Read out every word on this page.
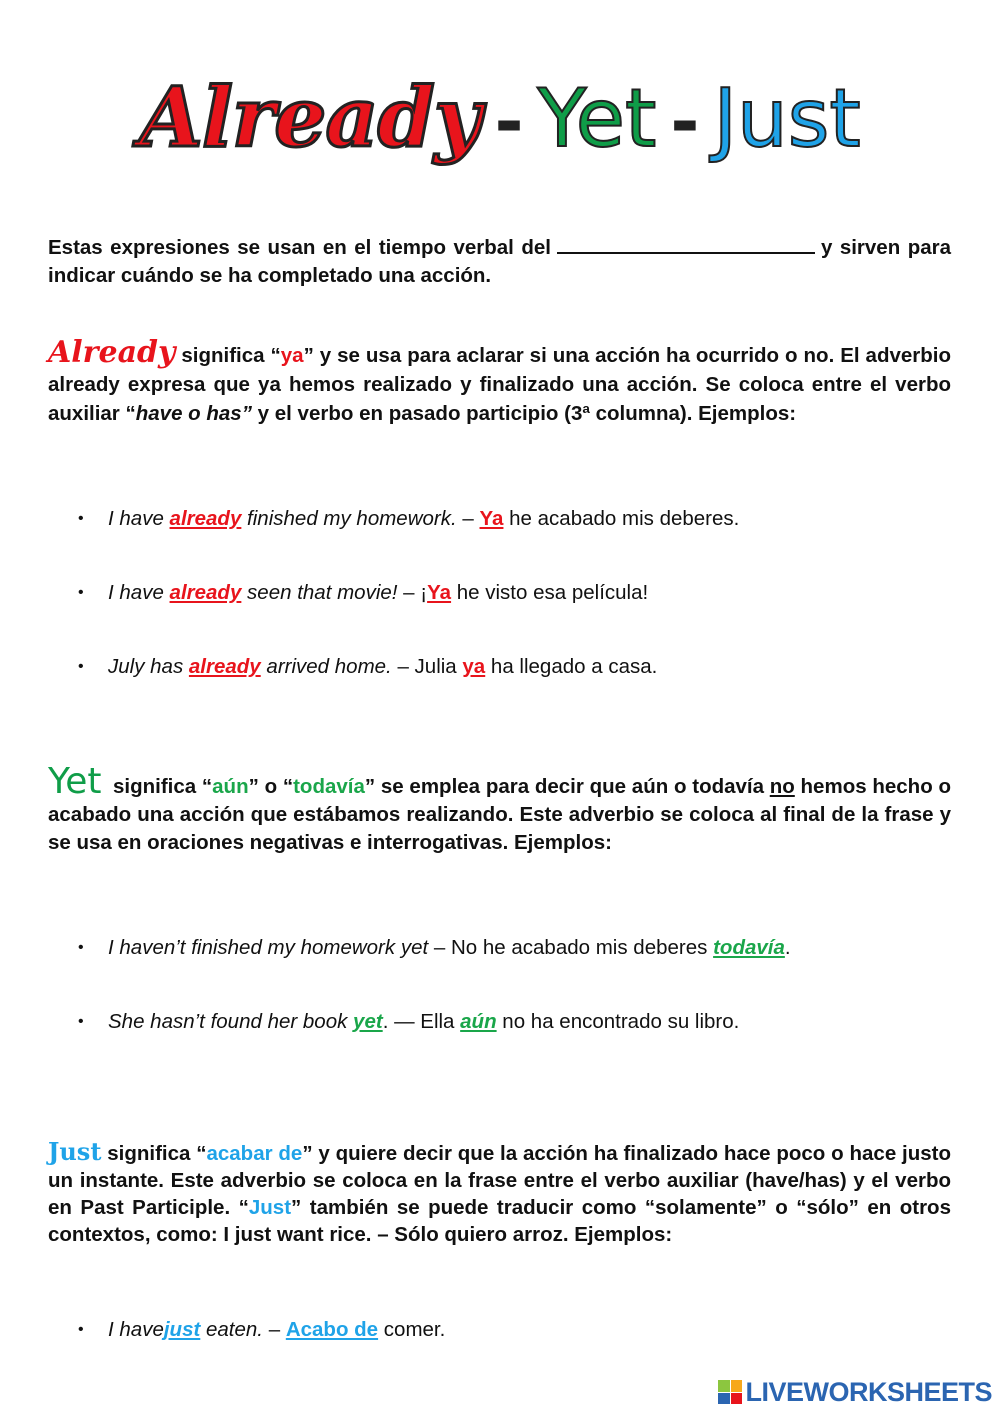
Already - Yet - Just
Estas expresiones se usan en el tiempo verbal del	y sirven para indicar cuándo se ha completado una acción.
Already significa “ya” y se usa para aclarar si una acción ha ocurrido o no. El adverbio already expresa que ya hemos realizado y finalizado una acción. Se coloca entre el verbo auxiliar “have o has” y el verbo en pasado participio (3ª columna). Ejemplos:
• I have already finished my homework. – Ya he acabado mis deberes.
• I have already seen that movie! – ¡Ya he visto esa película!
• July has already arrived home. – Julia ya ha llegado a casa.
Yet  significa “aún” o “todavía” se emplea para decir que aún o todavía no hemos hecho o acabado una acción que estábamos realizando. Este adverbio se coloca al final de la frase y se usa en oraciones negativas e interrogativas. Ejemplos:
• I haven’t finished my homework yet – No he acabado mis deberes todavía.
• She hasn’t found her book yet. — Ella aún no ha encontrado su libro.
Just significa “acabar de” y quiere decir que la acción ha finalizado hace poco o hace justo un instante. Este adverbio se coloca en la frase entre el verbo auxiliar (have/has) y el verbo en Past Participle. “Just” también se puede traducir como “solamente” o “sólo” en otros contextos, como: I just want rice. – Sólo quiero arroz. Ejemplos:
• I havejust eaten. – Acabo de comer.
LIVEWORKSHEETS
